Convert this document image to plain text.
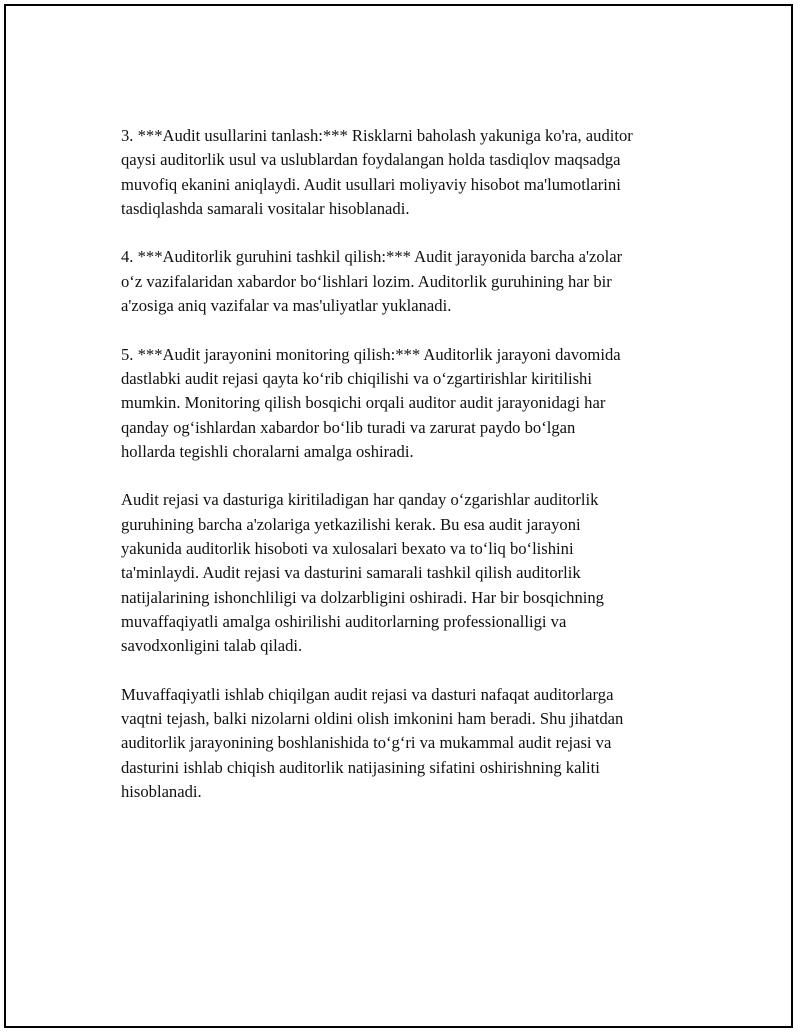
3. ***Audit usullarini tanlash:*** Risklarni baholash yakuniga ko'ra, auditor
qaysi auditorlik usul va uslublardan foydalangan holda tasdiqlov maqsadga
muvofiq ekanini aniqlaydi. Audit usullari moliyaviy hisobot ma'lumotlarini
tasdiqlashda samarali vositalar hisoblanadi.

4. ***Auditorlik guruhini tashkil qilish:*** Audit jarayonida barcha a'zolar
o‘z vazifalaridan xabardor bo‘lishlari lozim. Auditorlik guruhining har bir
a'zosiga aniq vazifalar va mas'uliyatlar yuklanadi.

5. ***Audit jarayonini monitoring qilish:*** Auditorlik jarayoni davomida
dastlabki audit rejasi qayta ko‘rib chiqilishi va o‘zgartirishlar kiritilishi
mumkin. Monitoring qilish bosqichi orqali auditor audit jarayonidagi har
qanday og‘ishlardan xabardor bo‘lib turadi va zarurat paydo bo‘lgan
hollarda tegishli choralarni amalga oshiradi.

Audit rejasi va dasturiga kiritiladigan har qanday o‘zgarishlar auditorlik
guruhining barcha a'zolariga yetkazilishi kerak. Bu esa audit jarayoni
yakunida auditorlik hisoboti va xulosalari bexato va to‘liq bo‘lishini
ta'minlaydi. Audit rejasi va dasturini samarali tashkil qilish auditorlik
natijalarining ishonchliligi va dolzarbligini oshiradi. Har bir bosqichning
muvaffaqiyatli amalga oshirilishi auditorlarning professionalligi va
savodxonligini talab qiladi.

Muvaffaqiyatli ishlab chiqilgan audit rejasi va dasturi nafaqat auditorlarga
vaqtni tejash, balki nizolarni oldini olish imkonini ham beradi. Shu jihatdan
auditorlik jarayonining boshlanishida to‘g‘ri va mukammal audit rejasi va
dasturini ishlab chiqish auditorlik natijasining sifatini oshirishning kaliti
hisoblanadi.
